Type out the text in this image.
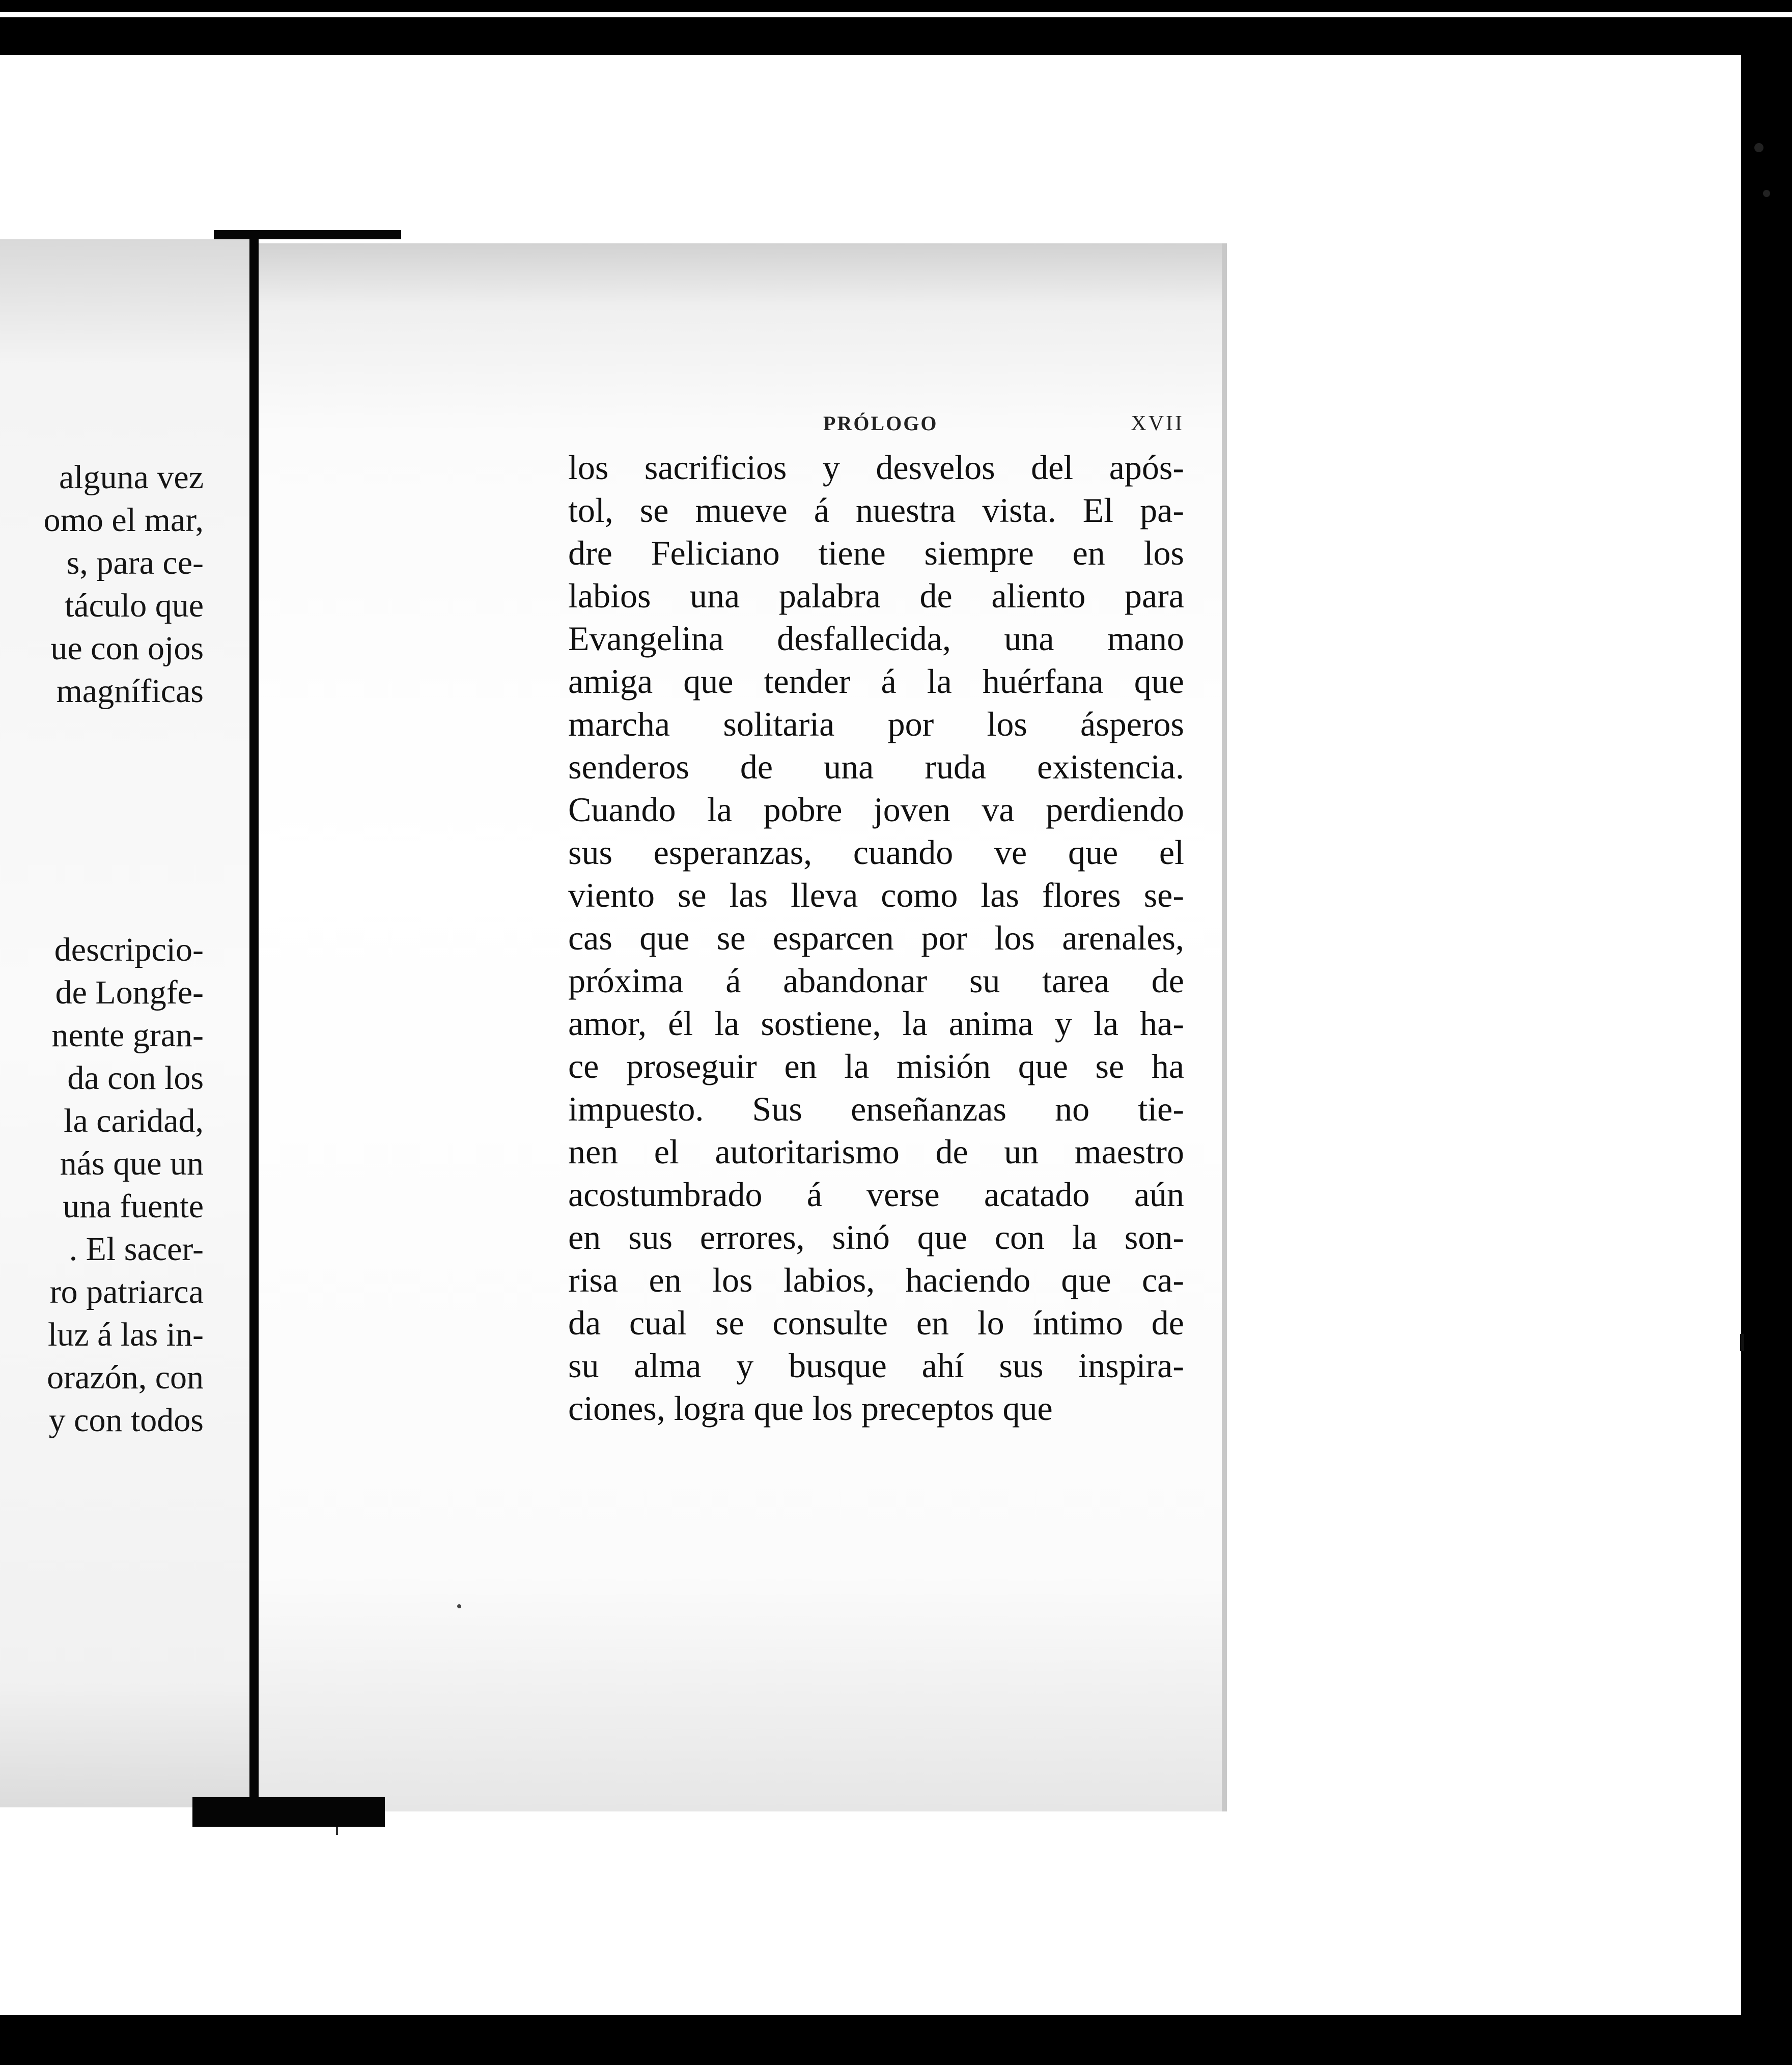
alguna vez
omo el mar,
s, para ce-
táculo que
ue con ojos
magníficas
descripcio-
de Longfe-
nente gran-
da con los
la caridad,
nás que un
una fuente
. El sacer-
ro patriarca
luz á las in-
orazón, con
y con todos
PRÓLOGO	XVII
los sacrificios y desvelos del após-
tol, se mueve á nuestra vista. El pa-
dre Feliciano tiene siempre en los
labios una palabra de aliento para
Evangelina desfallecida, una mano
amiga que tender á la huérfana que
marcha solitaria por los ásperos
senderos de una ruda existencia.
Cuando la pobre joven va perdiendo
sus esperanzas, cuando ve que el
viento se las lleva como las flores se-
cas que se esparcen por los arenales,
próxima á abandonar su tarea de
amor, él la sostiene, la anima y la ha-
ce proseguir en la misión que se ha
impuesto. Sus enseñanzas no tie-
nen el autoritarismo de un maestro
acostumbrado á verse acatado aún
en sus errores, sinó que con la son-
risa en los labios, haciendo que ca-
da cual se consulte en lo íntimo de
su alma y busque ahí sus inspira-
ciones, logra que los preceptos que
